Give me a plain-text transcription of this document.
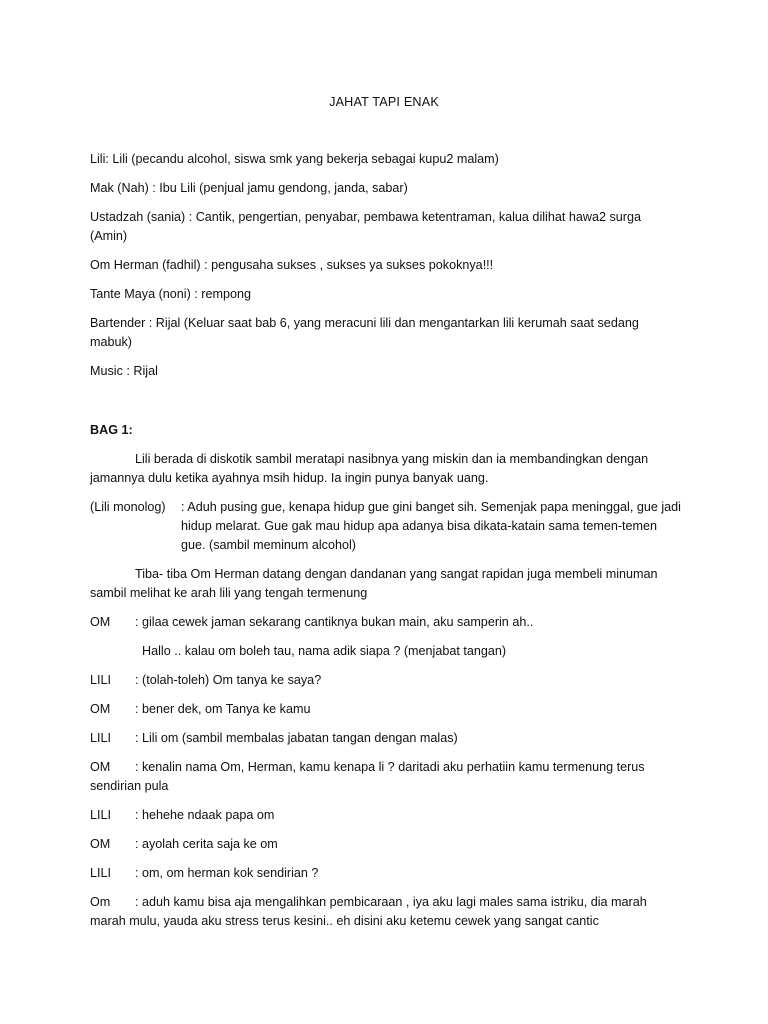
JAHAT TAPI ENAK
Lili: Lili (pecandu alcohol, siswa smk yang bekerja sebagai kupu2 malam)
Mak (Nah) : Ibu Lili (penjual jamu gendong, janda, sabar)
Ustadzah (sania) : Cantik, pengertian, penyabar, pembawa ketentraman, kalua dilihat hawa2 surga
(Amin)
Om Herman (fadhil) : pengusaha sukses , sukses ya sukses pokoknya!!!
Tante Maya (noni) : rempong
Bartender : Rijal (Keluar saat bab 6, yang meracuni lili dan mengantarkan lili kerumah saat sedang
mabuk)
Music : Rijal
BAG 1:
Lili berada di diskotik sambil meratapi nasibnya yang miskin dan ia membandingkan dengan
jamannya dulu ketika ayahnya msih hidup. Ia ingin punya banyak uang.
(Lili monolog) : Aduh pusing gue, kenapa hidup gue gini banget sih. Semenjak papa meninggal, gue jadi
hidup melarat. Gue gak mau hidup apa adanya bisa dikata-katain sama temen-temen
gue. (sambil meminum alcohol)
Tiba- tiba Om Herman datang dengan dandanan yang sangat rapidan juga membeli minuman
sambil melihat ke arah lili yang tengah termenung
OM : gilaa cewek jaman sekarang cantiknya bukan main, aku samperin ah..
Hallo .. kalau om boleh tau, nama adik siapa ? (menjabat tangan)
LILI : (tolah-toleh) Om tanya ke saya?
OM : bener dek, om Tanya ke kamu
LILI : Lili om (sambil membalas jabatan tangan dengan malas)
OM : kenalin nama Om, Herman, kamu kenapa li ? daritadi aku perhatiin kamu termenung terus
sendirian pula
LILI : hehehe ndaak papa om
OM : ayolah cerita saja ke om
LILI : om, om herman kok sendirian ?
Om : aduh kamu bisa aja mengalihkan pembicaraan , iya aku lagi males sama istriku, dia marah
marah mulu, yauda aku stress terus kesini.. eh disini aku ketemu cewek yang sangat cantic
